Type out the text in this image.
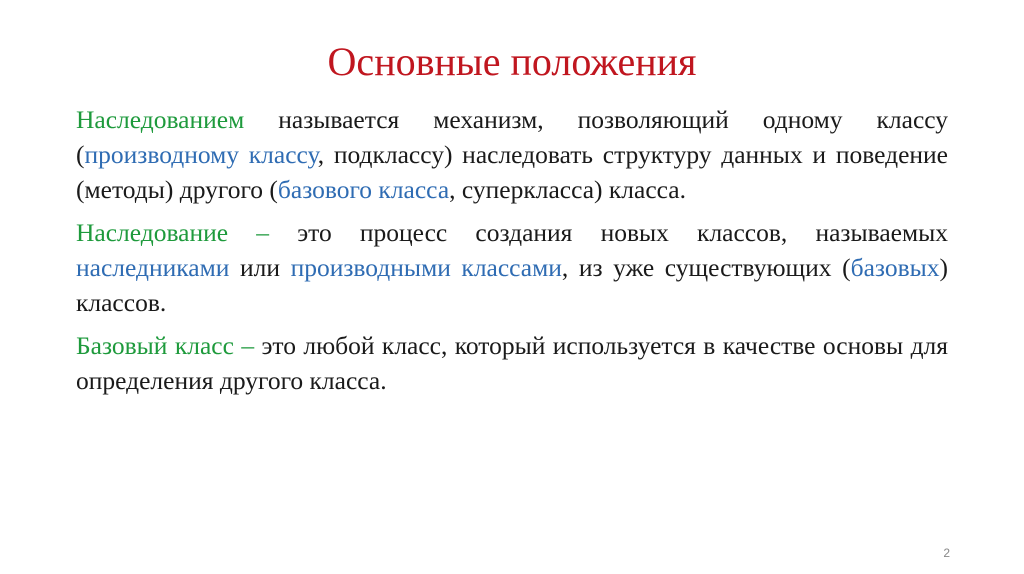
Основные положения

Наследованием называется механизм, позволяющий одному классу (производному классу, подклассу) наследовать структуру данных и поведение (методы) другого (базового класса, суперкласса) класса.

Наследование – это процесс создания новых классов, называемых наследниками или производными классами, из уже существующих (базовых) классов.

Базовый класс – это любой класс, который используется в качестве основы для определения другого класса.

2
